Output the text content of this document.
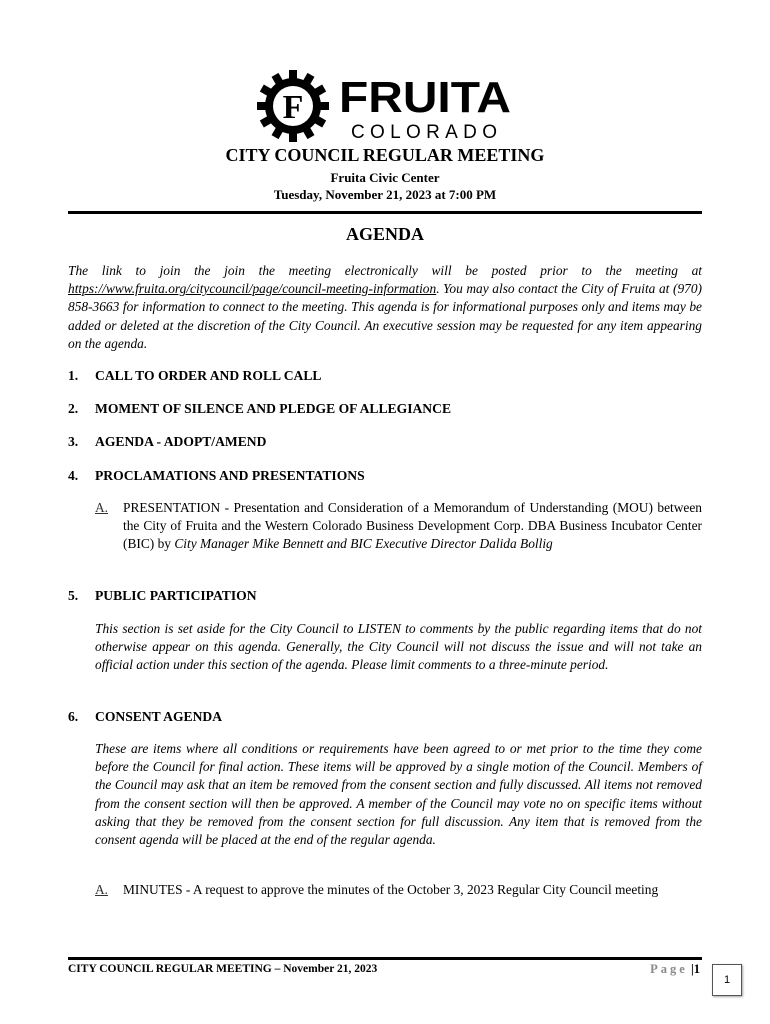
F FRUITA
COLORADO
CITY COUNCIL REGULAR MEETING
Fruita Civic Center
Tuesday, November 21, 2023 at 7:00 PM
AGENDA
The link to join the join the meeting electronically will be posted prior to the meeting at https://www.fruita.org/citycouncil/page/council-meeting-information. You may also contact the City of Fruita at (970) 858-3663 for information to connect to the meeting. This agenda is for informational purposes only and items may be added or deleted at the discretion of the City Council. An executive session may be requested for any item appearing on the agenda.
1. CALL TO ORDER AND ROLL CALL
2. MOMENT OF SILENCE AND PLEDGE OF ALLEGIANCE
3. AGENDA - ADOPT/AMEND
4. PROCLAMATIONS AND PRESENTATIONS
A. PRESENTATION - Presentation and Consideration of a Memorandum of Understanding (MOU) between the City of Fruita and the Western Colorado Business Development Corp. DBA Business Incubator Center (BIC) by City Manager Mike Bennett and BIC Executive Director Dalida Bollig
5. PUBLIC PARTICIPATION
This section is set aside for the City Council to LISTEN to comments by the public regarding items that do not otherwise appear on this agenda. Generally, the City Council will not discuss the issue and will not take an official action under this section of the agenda. Please limit comments to a three-minute period.
6. CONSENT AGENDA
These are items where all conditions or requirements have been agreed to or met prior to the time they come before the Council for final action. These items will be approved by a single motion of the Council. Members of the Council may ask that an item be removed from the consent section and fully discussed. All items not removed from the consent section will then be approved. A member of the Council may vote no on specific items without asking that they be removed from the consent section for full discussion. Any item that is removed from the consent agenda will be placed at the end of the regular agenda.
A. MINUTES - A request to approve the minutes of the October 3, 2023 Regular City Council meeting
CITY COUNCIL REGULAR MEETING – November 21, 2023	Page |1
1
